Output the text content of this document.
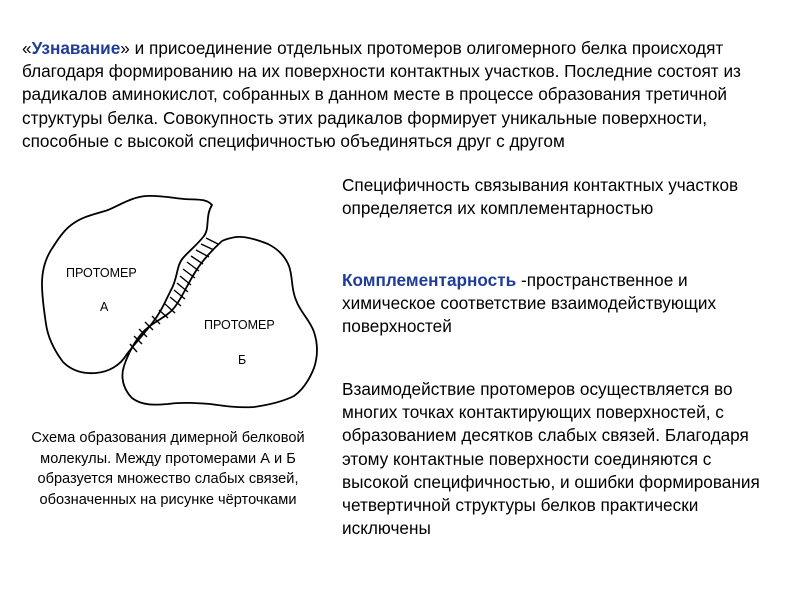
«Узнавание» и присоединение отдельных протомеров олигомерного белка происходят благодаря формированию на их поверхности контактных участков. Последние состоят из радикалов аминокислот, собранных в данном месте в процессе образования третичной структуры белка. Совокупность этих радикалов формирует уникальные поверхности, способные с высокой специфичностью объединяться друг с другом

ПРОТОМЕР
А
ПРОТОМЕР
Б

Специфичность связывания контактных участков определяется их комплементарностью

Комплементарность -пространственное и химическое соответствие взаимодействующих поверхностей

Взаимодействие протомеров осуществляется во многих точках контактирующих поверхностей, с образованием десятков слабых связей. Благодаря этому контактные поверхности соединяются с высокой специфичностью, и ошибки формирования четвертичной структуры белков практически исключены

Схема образования димерной белковой молекулы. Между протомерами А и Б образуется множество слабых связей, обозначенных на рисунке чёрточками
